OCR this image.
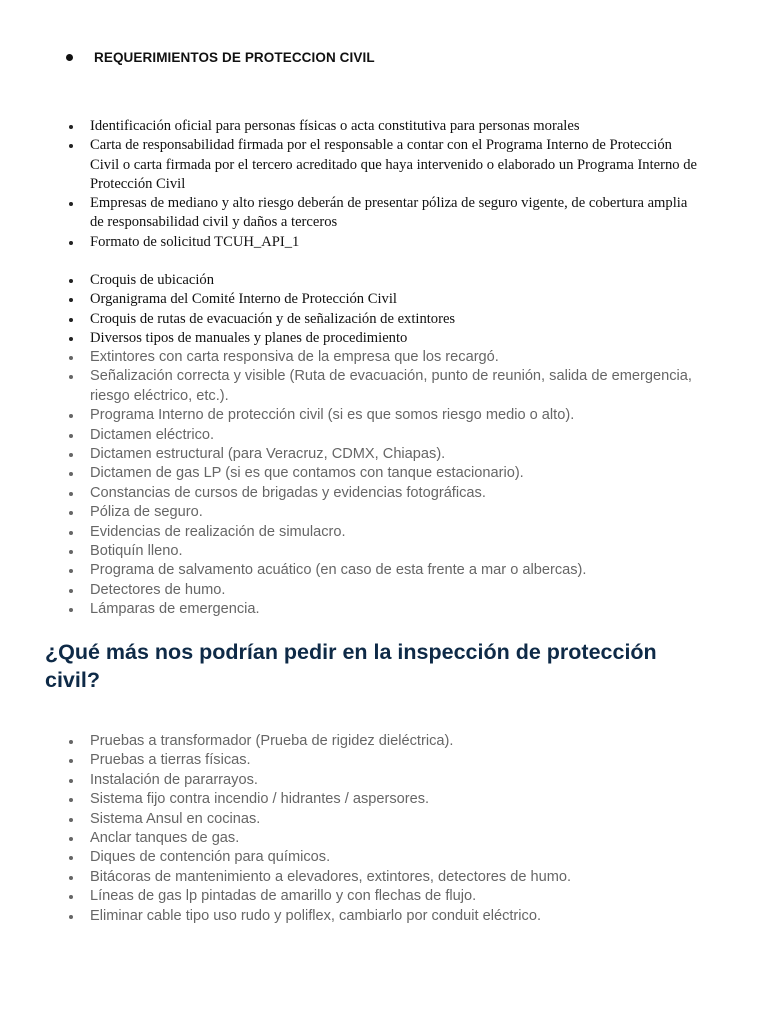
REQUERIMIENTOS DE PROTECCION CIVIL
Identificación oficial para personas físicas o acta constitutiva para personas morales
Carta de responsabilidad firmada por el responsable a contar con el Programa Interno de Protección Civil o carta firmada por el tercero acreditado que haya intervenido o elaborado un Programa Interno de Protección Civil
Empresas de mediano y alto riesgo deberán de presentar póliza de seguro vigente, de cobertura amplia de responsabilidad civil y daños a terceros
Formato de solicitud TCUH_API_1
Croquis de ubicación
Organigrama del Comité Interno de Protección Civil
Croquis de rutas de evacuación y de señalización de extintores
Diversos tipos de manuales y planes de procedimiento
Extintores con carta responsiva de la empresa que los recargó.
Señalización correcta y visible (Ruta de evacuación, punto de reunión, salida de emergencia, riesgo eléctrico, etc.).
Programa Interno de protección civil (si es que somos riesgo medio o alto).
Dictamen eléctrico.
Dictamen estructural (para Veracruz, CDMX, Chiapas).
Dictamen de gas LP (si es que contamos con tanque estacionario).
Constancias de cursos de brigadas y evidencias fotográficas.
Póliza de seguro.
Evidencias de realización de simulacro.
Botiquín lleno.
Programa de salvamento acuático (en caso de esta frente a mar o albercas).
Detectores de humo.
Lámparas de emergencia.
¿Qué más nos podrían pedir en la inspección de protección civil?
Pruebas a transformador (Prueba de rigidez dieléctrica).
Pruebas a tierras físicas.
Instalación de pararrayos.
Sistema fijo contra incendio / hidrantes / aspersores.
Sistema Ansul en cocinas.
Anclar tanques de gas.
Diques de contención para químicos.
Bitácoras de mantenimiento a elevadores, extintores, detectores de humo.
Líneas de gas lp pintadas de amarillo y con flechas de flujo.
Eliminar cable tipo uso rudo y poliflex, cambiarlo por conduit eléctrico.
